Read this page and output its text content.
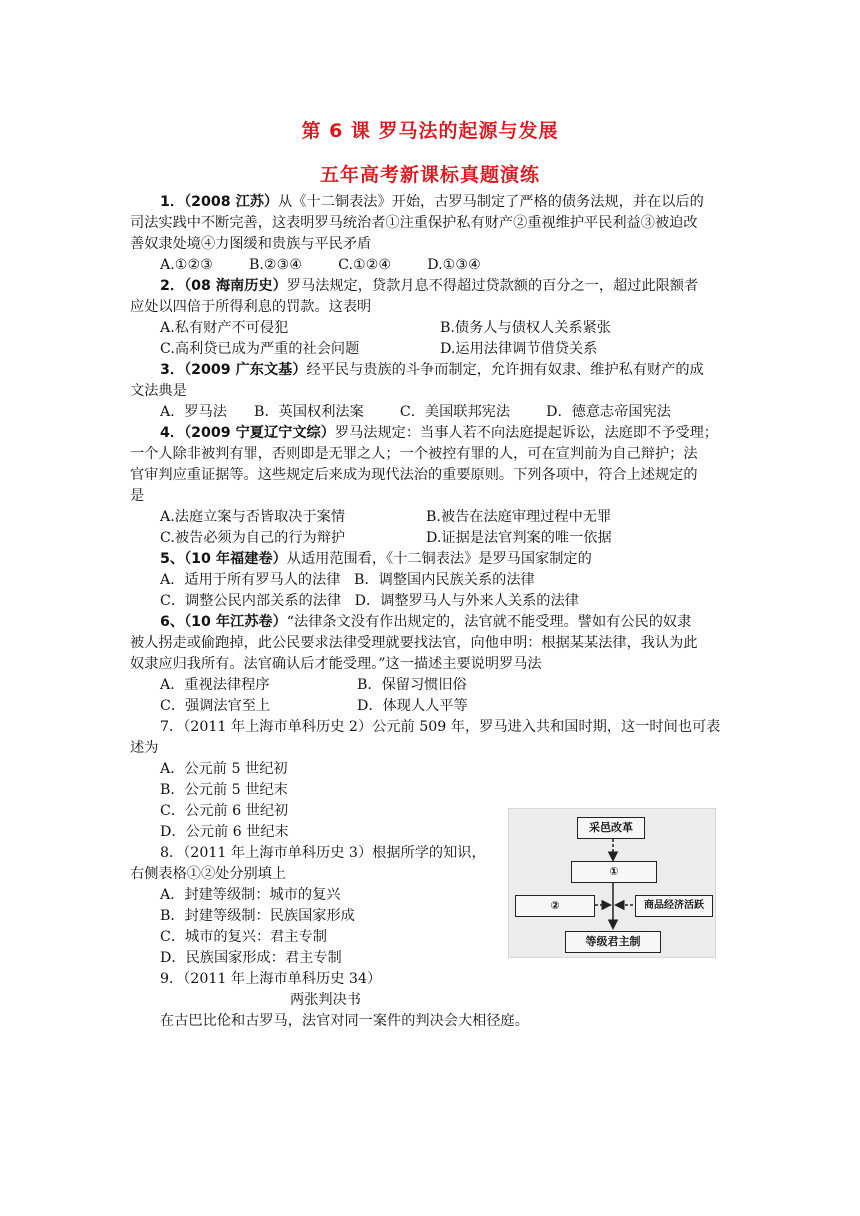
第 6 课 罗马法的起源与发展
五年高考新课标真题演练
1．（2008 江苏）从《十二铜表法》开始，古罗马制定了严格的债务法规，并在以后的
司法实践中不断完善，这表明罗马统治者①注重保护私有财产②重视维护平民利益③被迫改
善奴隶处境④力图缓和贵族与平民矛盾
A.①②③        B.②③④        C.①②④        D.①③④
2．（08 海南历史）罗马法规定，贷款月息不得超过贷款额的百分之一，超过此限额者
应处以四倍于所得利息的罚款。这表明
A.私有财产不可侵犯	B.债务人与债权人关系紧张
C.高利贷已成为严重的社会问题	D.运用法律调节借贷关系
3．（2009 广东文基）经平民与贵族的斗争而制定，允许拥有奴隶、维护私有财产的成
文法典是
A．罗马法      B．英国权利法案        C．美国联邦宪法        D．德意志帝国宪法
4．（2009 宁夏辽宁文综）罗马法规定：当事人若不向法庭提起诉讼，法庭即不予受理；
一个人除非被判有罪，否则即是无罪之人；一个被控有罪的人，可在宣判前为自己辩护；法
官审判应重证据等。这些规定后来成为现代法治的重要原则。下列各项中，符合上述规定的
是
A.法庭立案与否皆取决于案情	B.被告在法庭审理过程中无罪
C.被告必须为自己的行为辩护	D.证据是法官判案的唯一依据
5、（10 年福建卷）从适用范围看，《十二铜表法》是罗马国家制定的
A．适用于所有罗马人的法律   B．调整国内民族关系的法律
C．调整公民内部关系的法律   D．调整罗马人与外来人关系的法律
6、（10 年江苏卷）“法律条文没有作出规定的，法官就不能受理。譬如有公民的奴隶
被人拐走或偷跑掉，此公民要求法律受理就要找法官，向他申明：根据某某法律，我认为此
奴隶应归我所有。法官确认后才能受理。”这一描述主要说明罗马法
A．重视法律程序	B．保留习惯旧俗
C．强调法官至上	D．体现人人平等
7．（2011 年上海市单科历史 2）公元前 509 年，罗马进入共和国时期，这一时间也可表
述为
A．公元前 5 世纪初
B．公元前 5 世纪末
C．公元前 6 世纪初
D．公元前 6 世纪末
8．（2011 年上海市单科历史 3）根据所学的知识，
右侧表格①②处分别填上
A．封建等级制：城市的复兴
B．封建等级制：民族国家形成
C．城市的复兴：君主专制
D．民族国家形成：君主专制
采邑改革
①
②	商品经济活跃
等级君主制
9．（2011 年上海市单科历史 34）
两张判决书
在古巴比伦和古罗马，法官对同一案件的判决会大相径庭。
